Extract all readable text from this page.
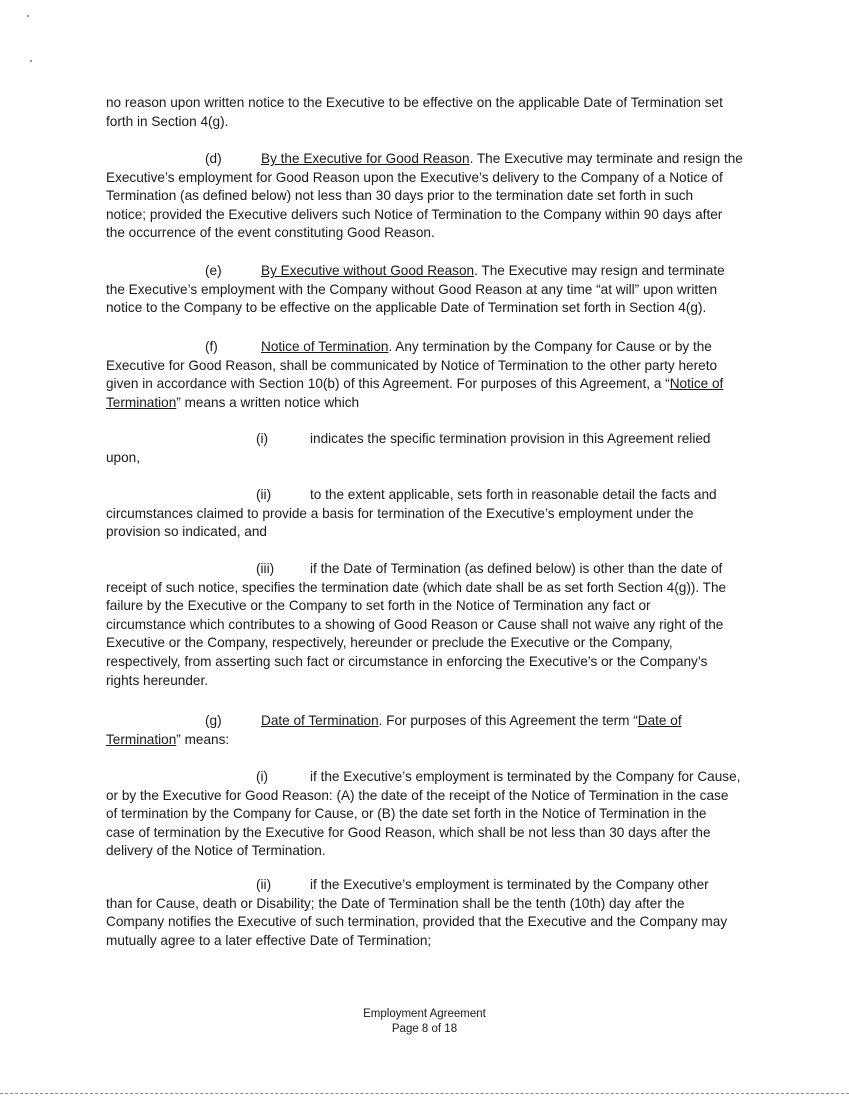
no reason upon written notice to the Executive to be effective on the applicable Date of Termination set
forth in Section 4(g).
(d)	By the Executive for Good Reason. The Executive may terminate and resign the
Executive’s employment for Good Reason upon the Executive’s delivery to the Company of a Notice of
Termination (as defined below) not less than 30 days prior to the termination date set forth in such
notice; provided the Executive delivers such Notice of Termination to the Company within 90 days after
the occurrence of the event constituting Good Reason.
(e)	By Executive without Good Reason. The Executive may resign and terminate
the Executive’s employment with the Company without Good Reason at any time “at will” upon written
notice to the Company to be effective on the applicable Date of Termination set forth in Section 4(g).
(f)	Notice of Termination. Any termination by the Company for Cause or by the
Executive for Good Reason, shall be communicated by Notice of Termination to the other party hereto
given in accordance with Section 10(b) of this Agreement. For purposes of this Agreement, a “Notice of
Termination” means a written notice which
(i)	indicates the specific termination provision in this Agreement relied
upon,
(ii)	to the extent applicable, sets forth in reasonable detail the facts and
circumstances claimed to provide a basis for termination of the Executive’s employment under the
provision so indicated, and
(iii)	if the Date of Termination (as defined below) is other than the date of
receipt of such notice, specifies the termination date (which date shall be as set forth Section 4(g)). The
failure by the Executive or the Company to set forth in the Notice of Termination any fact or
circumstance which contributes to a showing of Good Reason or Cause shall not waive any right of the
Executive or the Company, respectively, hereunder or preclude the Executive or the Company,
respectively, from asserting such fact or circumstance in enforcing the Executive’s or the Company’s
rights hereunder.
(g)	Date of Termination. For purposes of this Agreement the term “Date of
Termination” means:
(i)	if the Executive’s employment is terminated by the Company for Cause,
or by the Executive for Good Reason: (A) the date of the receipt of the Notice of Termination in the case
of termination by the Company for Cause, or (B) the date set forth in the Notice of Termination in the
case of termination by the Executive for Good Reason, which shall be not less than 30 days after the
delivery of the Notice of Termination.
(ii)	if the Executive’s employment is terminated by the Company other
than for Cause, death or Disability; the Date of Termination shall be the tenth (10th) day after the
Company notifies the Executive of such termination, provided that the Executive and the Company may
mutually agree to a later effective Date of Termination;
Employment Agreement
Page 8 of 18
